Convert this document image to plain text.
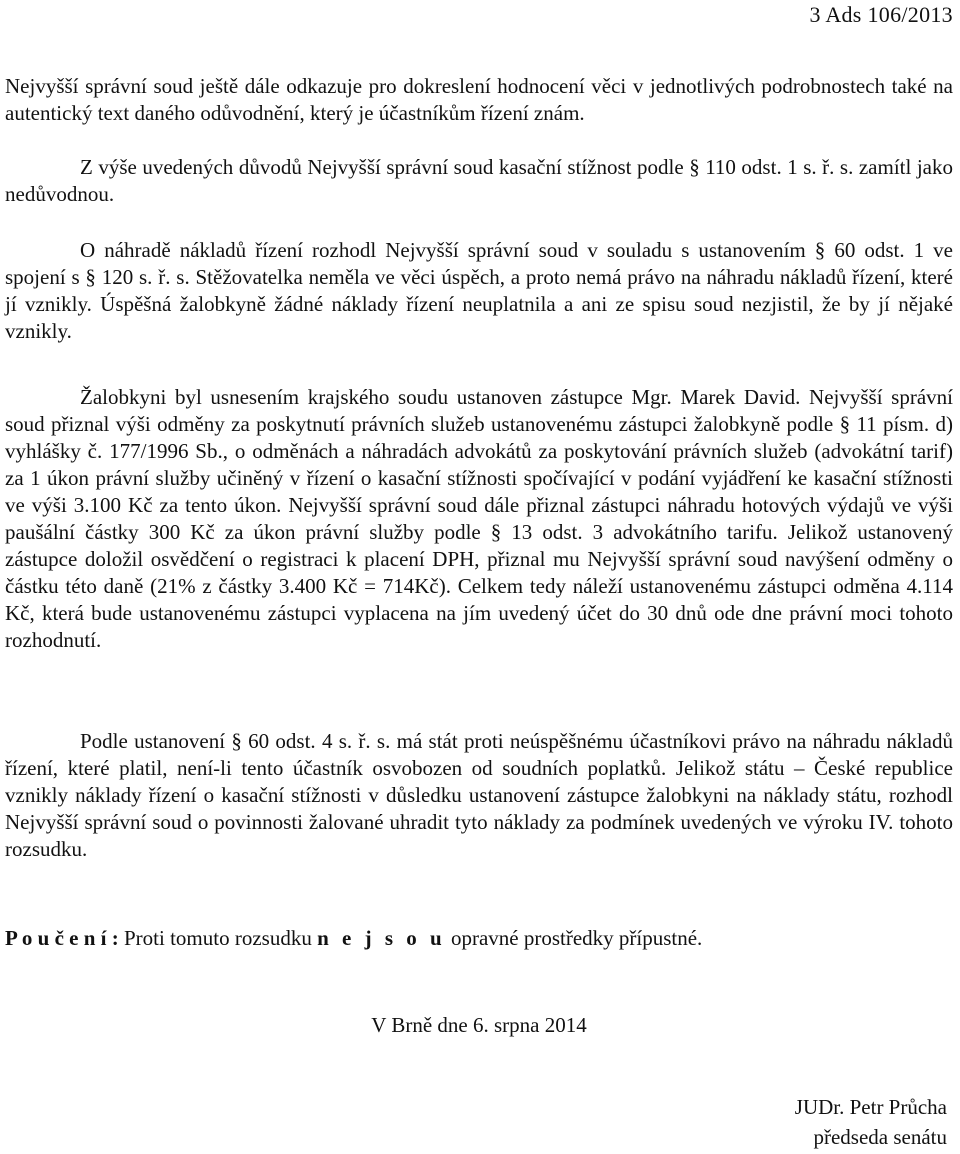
3 Ads 106/2013

Nejvyšší správní soud ještě dále odkazuje pro dokreslení hodnocení věci v jednotlivých podrobnostech také na autentický text daného odůvodnění, který je účastníkům řízení znám.

Z výše uvedených důvodů Nejvyšší správní soud kasační stížnost podle § 110 odst. 1 s. ř. s. zamítl jako nedůvodnou.

O náhradě nákladů řízení rozhodl Nejvyšší správní soud v souladu s ustanovením § 60 odst. 1 ve spojení s § 120 s. ř. s. Stěžovatelka neměla ve věci úspěch, a proto nemá právo na náhradu nákladů řízení, které jí vznikly. Úspěšná žalobkyně žádné náklady řízení neuplatnila a ani ze spisu soud nezjistil, že by jí nějaké vznikly.

Žalobkyni byl usnesením krajského soudu ustanoven zástupce Mgr. Marek David. Nejvyšší správní soud přiznal výši odměny za poskytnutí právních služeb ustanovenému zástupci žalobkyně podle § 11 písm. d) vyhlášky č. 177/1996 Sb., o odměnách a náhradách advokátů za poskytování právních služeb (advokátní tarif) za 1 úkon právní služby učiněný v řízení o kasační stížnosti spočívající v podání vyjádření ke kasační stížnosti ve výši 3.100 Kč za tento úkon. Nejvyšší správní soud dále přiznal zástupci náhradu hotových výdajů ve výši paušální částky 300 Kč za úkon právní služby podle § 13 odst. 3 advokátního tarifu. Jelikož ustanovený zástupce doložil osvědčení o registraci k placení DPH, přiznal mu Nejvyšší správní soud navýšení odměny o částku této daně (21% z částky 3.400 Kč = 714Kč). Celkem tedy náleží ustanovenému zástupci odměna 4.114 Kč, která bude ustanovenému zástupci vyplacena na jím uvedený účet do 30 dnů ode dne právní moci tohoto rozhodnutí.

Podle ustanovení § 60 odst. 4 s. ř. s. má stát proti neúspěšnému účastníkovi právo na náhradu nákladů řízení, které platil, není-li tento účastník osvobozen od soudních poplatků. Jelikož státu – České republice vznikly náklady řízení o kasační stížnosti v důsledku ustanovení zástupce žalobkyni na náklady státu, rozhodl Nejvyšší správní soud o povinnosti žalované uhradit tyto náklady za podmínek uvedených ve výroku IV. tohoto rozsudku.

P o u č e n í : Proti tomuto rozsudku n e j s o u opravné prostředky přípustné.

V Brně dne 6. srpna 2014

JUDr. Petr Průcha
předseda senátu
